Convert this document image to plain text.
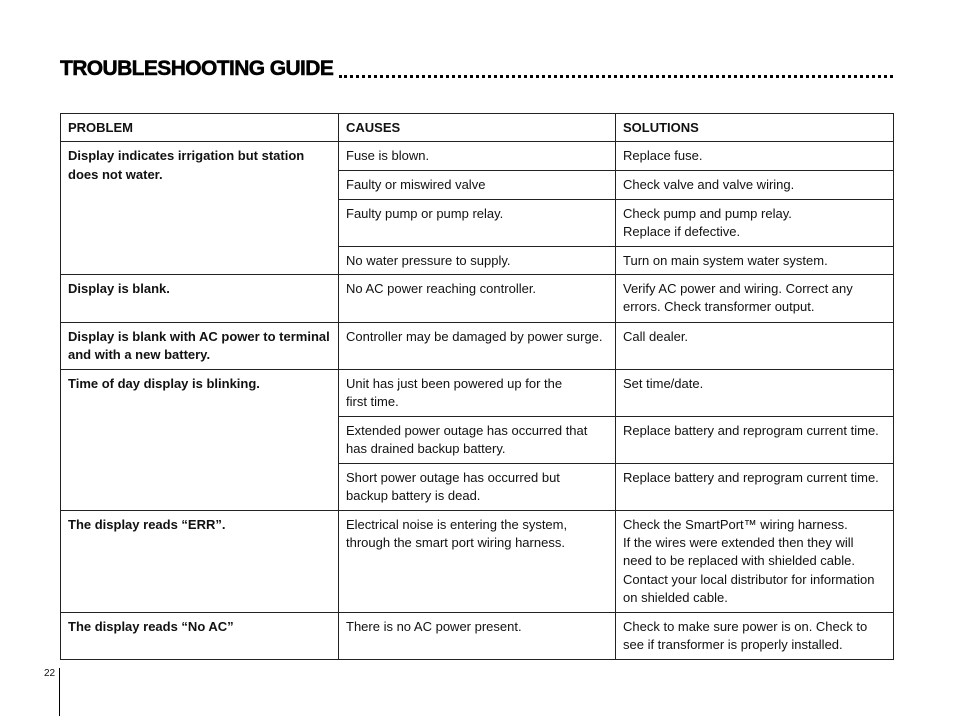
TROUBLESHOOTING GUIDE
PROBLEM	CAUSES	SOLUTIONS
Display indicates irrigation but station
does not water.	Fuse is blown.	Replace fuse.
	Faulty or miswired valve	Check valve and valve wiring.
	Faulty pump or pump relay.	Check pump and pump relay.
Replace if defective.
	No water pressure to supply.	Turn on main system water system.
Display is blank.	No AC power reaching controller.	Verify AC power and wiring. Correct any
errors. Check transformer output.
Display is blank with AC power to terminal
and with a new battery.	Controller may be damaged by power surge.	Call dealer.
Time of day display is blinking.	Unit has just been powered up for the
first time.	Set time/date.
	Extended power outage has occurred that
has drained backup battery.	Replace battery and reprogram current time.
	Short power outage has occurred but
backup battery is dead.	Replace battery and reprogram current time.
The display reads “ERR”.	Electrical noise is entering the system,
through the smart port wiring harness.	Check the SmartPort™ wiring harness.
If the wires were extended then they will
need to be replaced with shielded cable.
Contact your local distributor for information
on shielded cable.
The display reads “No AC”	There is no AC power present.	Check to make sure power is on. Check to
see if transformer is properly installed.
22
